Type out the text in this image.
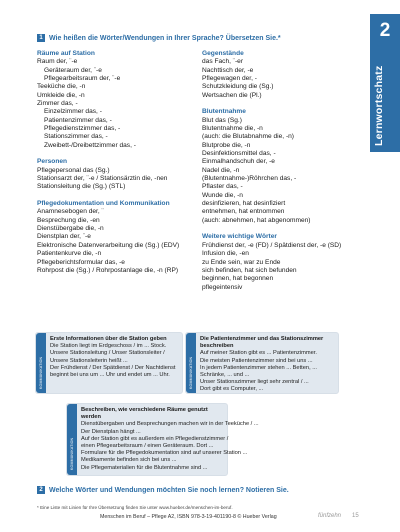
2
Lernwortschatz
1 Wie heißen die Wörter/Wendungen in Ihrer Sprache? Übersetzen Sie.*
Räume auf Station
Raum der, ¨-e
Geräteraum der, ¨-e
Pflegearbeitsraum der, ¨-e
Teeküche die, -n
Umkleide die, -n
Zimmer das, -
Einzelzimmer das, -
Patientenzimmer das, -
Pflegedienstzimmer das, -
Stationszimmer das, -
Zweibett-/Dreibettzimmer das, -
Personen
Pflegepersonal das (Sg.)
Stationsarzt der, ¨-e / Stationsärztin die, -nen
Stationsleitung die (Sg.) (STL)
Pflegedokumentation und Kommunikation
Anamnesebogen der, ¨
Besprechung die, -en
Dienstübergabe die, -n
Dienstplan der, ¨-e
Elektronische Datenverarbeitung die (Sg.) (EDV)
Patientenkurve die, -n
Pflegeberichtsformular das, -e
Rohrpost die (Sg.) / Rohrpostanlage die, -n (RP)
Gegenstände
das Fach, ¨-er
Nachttisch der, -e
Pflegewagen der, -
Schutzkleidung die (Sg.)
Wertsachen die (Pl.)
Blutentnahme
Blut das (Sg.)
Blutentnahme die, -n
(auch: die Blutabnahme die, -n)
Blutprobe die, -n
Desinfektionsmittel das, -
Einmalhandschuh der, -e
Nadel die, -n
(Blutentnahme-)Röhrchen das, -
Pflaster das, -
Wunde die, -n
desinfizieren, hat desinfiziert
entnehmen, hat entnommen
(auch: abnehmen, hat abgenommen)
Weitere wichtige Wörter
Frühdienst der, -e (FD) / Spätdienst der, -e (SD)
Infusion die, -en
zu Ende sein, war zu Ende
sich befinden, hat sich befunden
beginnen, hat begonnen
pflegeintensiv
KOMMUNIKATION
Erste Informationen über die Station geben
Die Station liegt im Erdgeschoss / im ... Stock.
Unsere Stationsleitung / Unser Stationsleiter /
Unsere Stationsleiterin heißt ...
Der Frühdienst / Der Spätdienst / Der Nachtdienst
beginnt bei uns um ... Uhr und endet um ... Uhr.	KOMMUNIKATION
Die Patientenzimmer und das Stationszimmer beschreiben
Auf meiner Station gibt es ... Patientenzimmer.
Die meisten Patientenzimmer sind bei uns ...
In jedem Patientenzimmer stehen ... Betten, ...
Schränke, ... und ...
Unser Stationszimmer liegt sehr zentral / ...
Dort gibt es Computer, ...
KOMMUNIKATION
Beschreiben, wie verschiedene Räume genutzt werden
Dienstübergaben und Besprechungen machen wir in der Teeküche / ...
Der Dienstplan hängt ...
Auf der Station gibt es außerdem ein Pflegedienstzimmer /
einen Pflegearbeitsraum / einen Geräteraum. Dort ...
Formulare für die Pflegedokumentation sind auf unserer Station ...
Medikamente befinden sich bei uns ...
Die Pflegematerialien für die Blutentnahme sind ...
2 Welche Wörter und Wendungen möchten Sie noch lernen? Notieren Sie.
* Eine Liste mit Linien für Ihre Übersetzung finden Sie unter www.hueber.de/menschen-im-beruf.
Menschen im Beruf – Pflege A2, ISBN 978-3-19-401190-8 © Hueber Verlag	fünfzehn 15
